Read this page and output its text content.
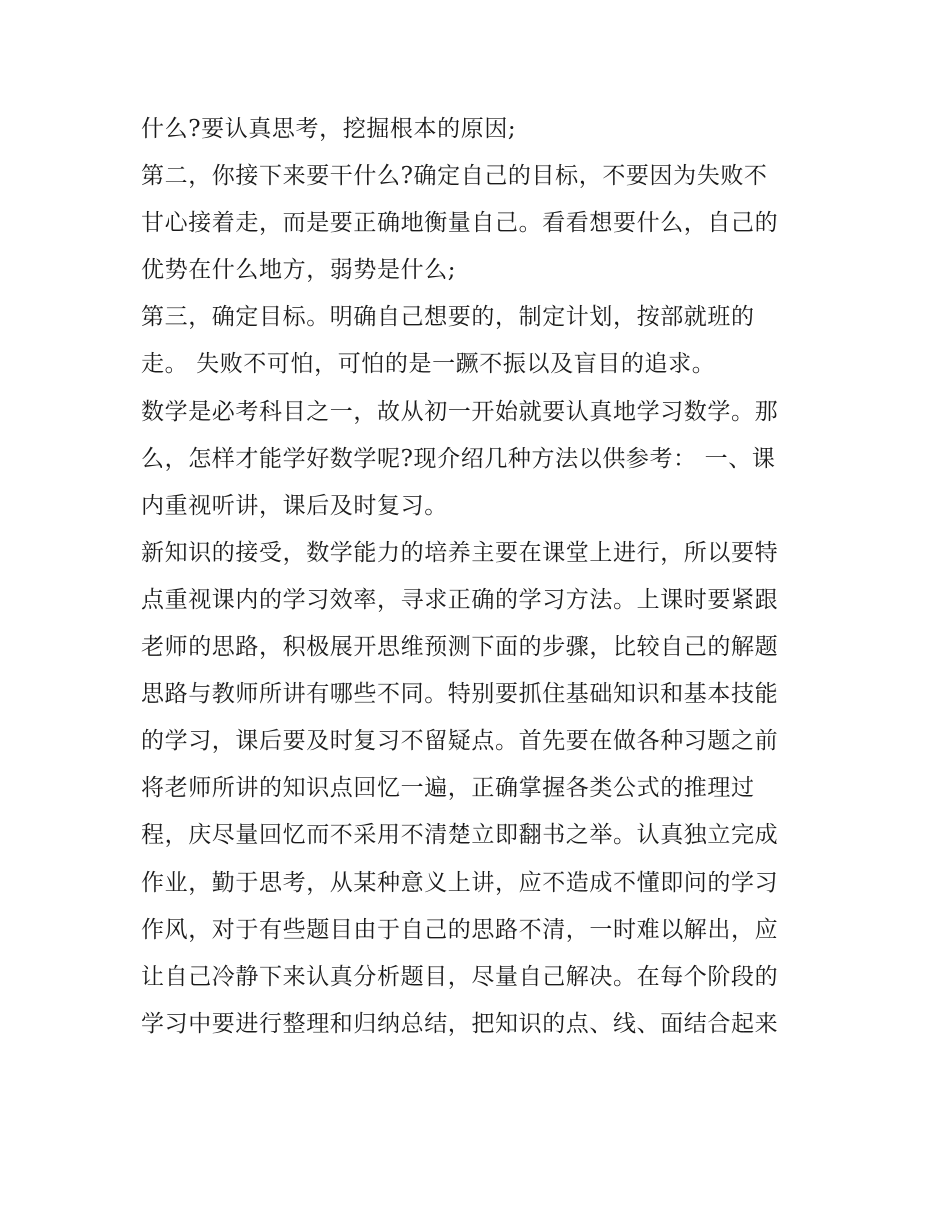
什么?要认真思考，挖掘根本的原因;
第二，你接下来要干什么?确定自己的目标，不要因为失败不
甘心接着走，而是要正确地衡量自己。看看想要什么，自己的
优势在什么地方，弱势是什么;
第三，确定目标。明确自己想要的，制定计划，按部就班的
走。 失败不可怕，可怕的是一蹶不振以及盲目的追求。
数学是必考科目之一，故从初一开始就要认真地学习数学。那
么，怎样才能学好数学呢?现介绍几种方法以供参考： 一、课
内重视听讲，课后及时复习。
新知识的接受，数学能力的培养主要在课堂上进行，所以要特
点重视课内的学习效率，寻求正确的学习方法。上课时要紧跟
老师的思路，积极展开思维预测下面的步骤，比较自己的解题
思路与教师所讲有哪些不同。特别要抓住基础知识和基本技能
的学习，课后要及时复习不留疑点。首先要在做各种习题之前
将老师所讲的知识点回忆一遍，正确掌握各类公式的推理过
程，庆尽量回忆而不采用不清楚立即翻书之举。认真独立完成
作业，勤于思考，从某种意义上讲，应不造成不懂即问的学习
作风，对于有些题目由于自己的思路不清，一时难以解出，应
让自己冷静下来认真分析题目，尽量自己解决。在每个阶段的
学习中要进行整理和归纳总结，把知识的点、线、面结合起来
